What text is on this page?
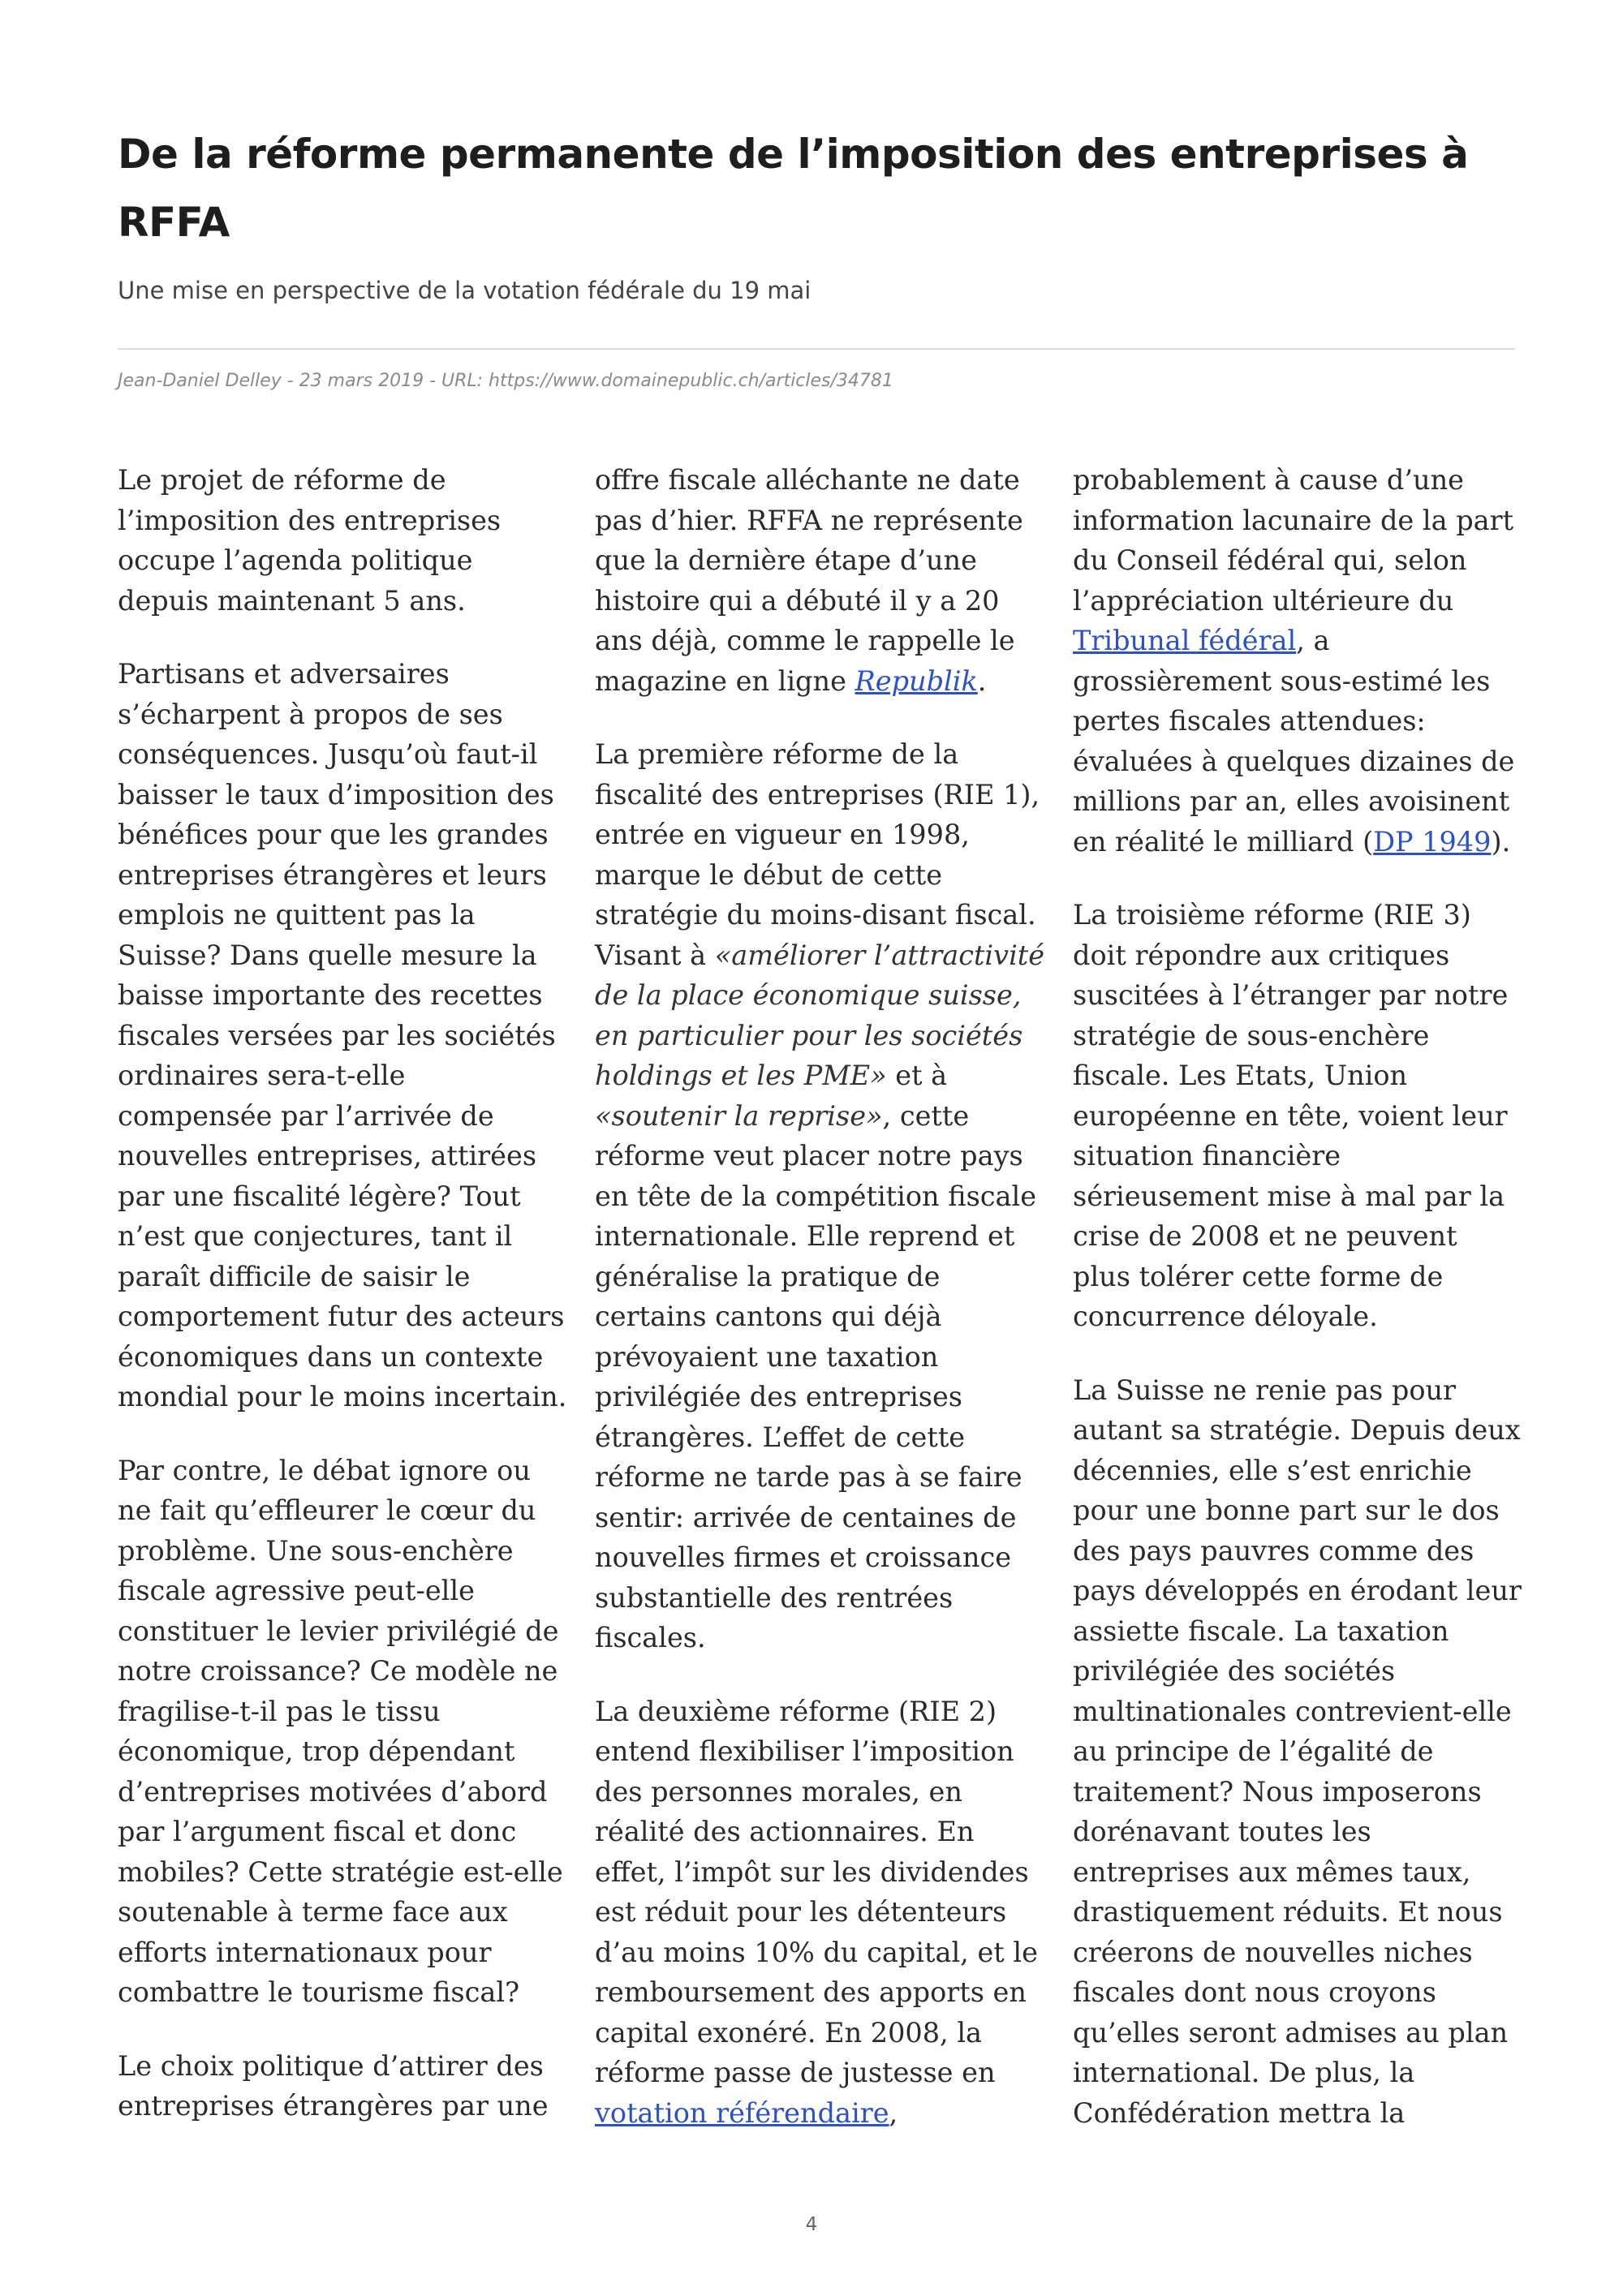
De la réforme permanente de l’imposition des entreprises à RFFA

Une mise en perspective de la votation fédérale du 19 mai

Jean-Daniel Delley - 23 mars 2019 - URL: https://www.domainepublic.ch/articles/34781

Le projet de réforme de l’imposition des entreprises occupe l’agenda politique depuis maintenant 5 ans.

Partisans et adversaires s’écharpent à propos de ses conséquences. Jusqu’où faut-il baisser le taux d’imposition des bénéfices pour que les grandes entreprises étrangères et leurs emplois ne quittent pas la Suisse? Dans quelle mesure la baisse importante des recettes fiscales versées par les sociétés ordinaires sera-t-elle compensée par l’arrivée de nouvelles entreprises, attirées par une fiscalité légère? Tout n’est que conjectures, tant il paraît difficile de saisir le comportement futur des acteurs économiques dans un contexte mondial pour le moins incertain.

Par contre, le débat ignore ou ne fait qu’effleurer le cœur du problème. Une sous-enchère fiscale agressive peut-elle constituer le levier privilégié de notre croissance? Ce modèle ne fragilise-t-il pas le tissu économique, trop dépendant d’entreprises motivées d’abord par l’argument fiscal et donc mobiles? Cette stratégie est-elle soutenable à terme face aux efforts internationaux pour combattre le tourisme fiscal?

Le choix politique d’attirer des entreprises étrangères par une

offre fiscale alléchante ne date pas d’hier. RFFA ne représente que la dernière étape d’une histoire qui a débuté il y a 20 ans déjà, comme le rappelle le magazine en ligne Republik.

La première réforme de la fiscalité des entreprises (RIE 1), entrée en vigueur en 1998, marque le début de cette stratégie du moins-disant fiscal. Visant à «améliorer l’attractivité de la place économique suisse, en particulier pour les sociétés holdings et les PME» et à «soutenir la reprise», cette réforme veut placer notre pays en tête de la compétition fiscale internationale. Elle reprend et généralise la pratique de certains cantons qui déjà prévoyaient une taxation privilégiée des entreprises étrangères. L’effet de cette réforme ne tarde pas à se faire sentir: arrivée de centaines de nouvelles firmes et croissance substantielle des rentrées fiscales.

La deuxième réforme (RIE 2) entend flexibiliser l’imposition des personnes morales, en réalité des actionnaires. En effet, l’impôt sur les dividendes est réduit pour les détenteurs d’au moins 10% du capital, et le remboursement des apports en capital exonéré. En 2008, la réforme passe de justesse en votation référendaire,

probablement à cause d’une information lacunaire de la part du Conseil fédéral qui, selon l’appréciation ultérieure du Tribunal fédéral, a grossièrement sous-estimé les pertes fiscales attendues: évaluées à quelques dizaines de millions par an, elles avoisinent en réalité le milliard (DP 1949).

La troisième réforme (RIE 3) doit répondre aux critiques suscitées à l’étranger par notre stratégie de sous-enchère fiscale. Les Etats, Union européenne en tête, voient leur situation financière sérieusement mise à mal par la crise de 2008 et ne peuvent plus tolérer cette forme de concurrence déloyale.

La Suisse ne renie pas pour autant sa stratégie. Depuis deux décennies, elle s’est enrichie pour une bonne part sur le dos des pays pauvres comme des pays développés en érodant leur assiette fiscale. La taxation privilégiée des sociétés multinationales contrevient-elle au principe de l’égalité de traitement? Nous imposerons dorénavant toutes les entreprises aux mêmes taux, drastiquement réduits. Et nous créerons de nouvelles niches fiscales dont nous croyons qu’elles seront admises au plan international. De plus, la Confédération mettra la

4
